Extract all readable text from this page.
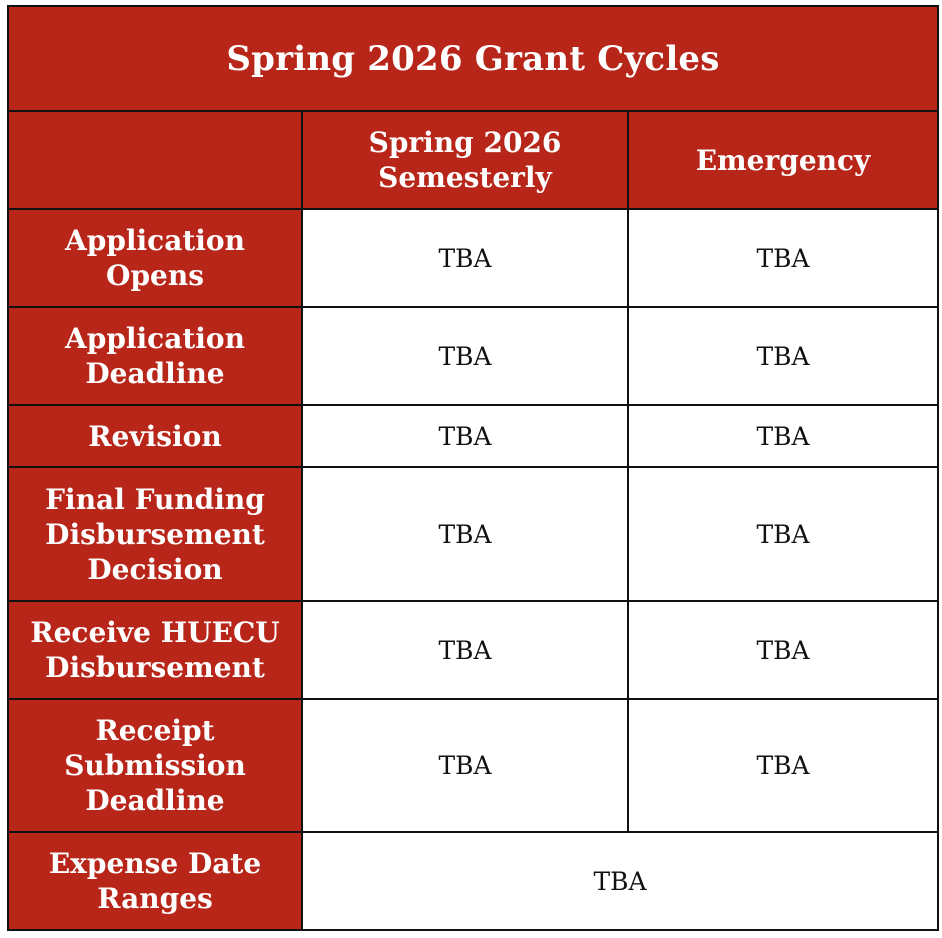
Spring 2026 Grant Cycles		
	Spring 2026 Semesterly	Emergency
Application Opens	TBA	TBA
Application Deadline	TBA	TBA
Revision	TBA	TBA
Final Funding Disbursement Decision	TBA	TBA
Receive HUECU Disbursement	TBA	TBA
Receipt Submission Deadline	TBA	TBA
Expense Date Ranges	TBA	
